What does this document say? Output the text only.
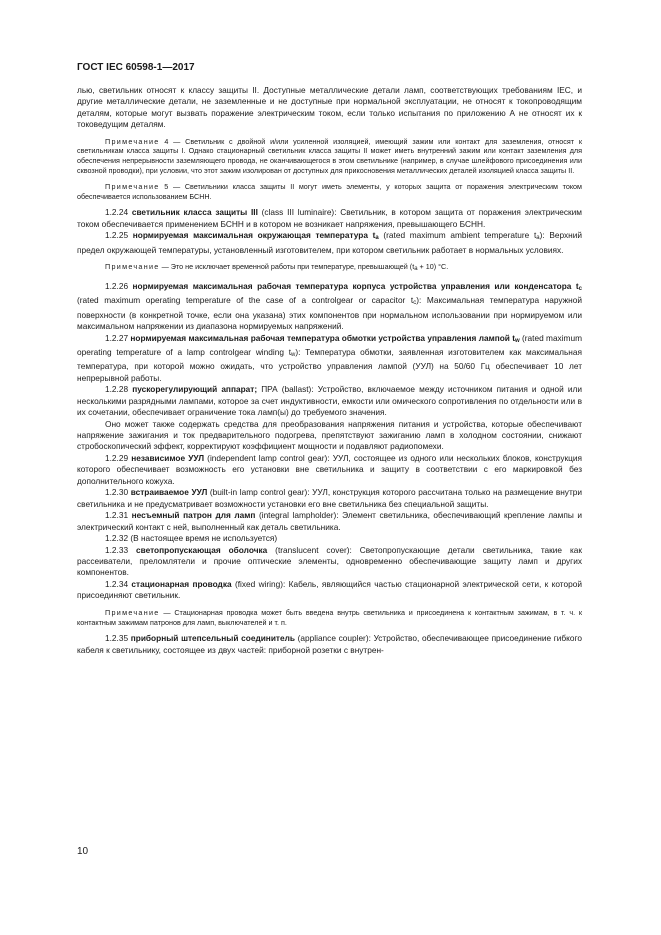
ГОСТ IEC 60598-1—2017

лью, светильник относят к классу защиты II. Доступные металлические детали ламп, соответствующих требованиям IEC, и другие металлические детали, не заземленные и не доступные при нормальной эксплуатации, не относят к токопроводящим деталям, которые могут вызвать поражение электрическим током, если только испытания по приложению А не относят их к токоведущим деталям.

Примечание 4 — Светильник с двойной и/или усиленной изоляцией, имеющий зажим или контакт для заземления, относят к светильникам класса защиты I. Однако стационарный светильник класса защиты II может иметь внутренний зажим или контакт заземления для обеспечения непрерывности заземляющего провода, не оканчивающегося в этом светильнике (например, в случае шлейфового присоединения или сквозной проводки), при условии, что этот зажим изолирован от доступных для прикосновения металлических деталей изоляцией класса защиты II.

Примечание 5 — Светильники класса защиты II могут иметь элементы, у которых защита от поражения электрическим током обеспечивается использованием БСНН.

1.2.24 светильник класса защиты III (class III luminaire): Светильник, в котором защита от поражения электрическим током обеспечивается применением БСНН и в котором не возникает напряжения, превышающего БСНН.

1.2.25 нормируемая максимальная окружающая температура $t_a$ (rated maximum ambient temperature $t_a$): Верхний предел окружающей температуры, установленный изготовителем, при котором светильник работает в нормальных условиях.

Примечание — Это не исключает временной работы при температуре, превышающей $(t_a + 10)$ °С.

1.2.26 нормируемая максимальная рабочая температура корпуса устройства управления или конденсатора $t_c$ (rated maximum operating temperature of the case of a controlgear or capacitor $t_c$): Максимальная температура наружной поверхности (в конкретной точке, если она указана) этих компонентов при нормальном использовании при нормируемом или максимальном напряжении из диапазона нормируемых напряжений.

1.2.27 нормируемая максимальная рабочая температура обмотки устройства управления лампой $t_w$ (rated maximum operating temperature of a lamp controlgear winding $t_w$): Температура обмотки, заявленная изготовителем как максимальная температура, при которой можно ожидать, что устройство управления лампой (УУЛ) на 50/60 Гц обеспечивает 10 лет непрерывной работы.

1.2.28 пускорегулирующий аппарат; ПРА (ballast): Устройство, включаемое между источником питания и одной или несколькими разрядными лампами, которое за счет индуктивности, емкости или омического сопротивления по отдельности или в их сочетании, обеспечивает ограничение тока ламп(ы) до требуемого значения.

Оно может также содержать средства для преобразования напряжения питания и устройства, которые обеспечивают напряжение зажигания и ток предварительного подогрева, препятствуют зажиганию ламп в холодном состоянии, снижают стробоскопический эффект, корректируют коэффициент мощности и подавляют радиопомехи.

1.2.29 независимое УУЛ (independent lamp control gear): УУЛ, состоящее из одного или нескольких блоков, конструкция которого обеспечивает возможность его установки вне светильника и защиту в соответствии с его маркировкой без дополнительного кожуха.

1.2.30 встраиваемое УУЛ (built-in lamp control gear): УУЛ, конструкция которого рассчитана только на размещение внутри светильника и не предусматривает возможности установки его вне светильника без специальной защиты.

1.2.31 несъемный патрон для ламп (integral lampholder): Элемент светильника, обеспечивающий крепление лампы и электрический контакт с ней, выполненный как деталь светильника.

1.2.32 (В настоящее время не используется)

1.2.33 светопропускающая оболочка (translucent cover): Светопропускающие детали светильника, такие как рассеиватели, преломлятели и прочие оптические элементы, одновременно обеспечивающие защиту ламп и других компонентов.

1.2.34 стационарная проводка (fixed wiring): Кабель, являющийся частью стационарной электрической сети, к которой присоединяют светильник.

Примечание — Стационарная проводка может быть введена внутрь светильника и присоединена к контактным зажимам, в т. ч. к контактным зажимам патронов для ламп, выключателей и т. п.

1.2.35 приборный штепсельный соединитель (appliance coupler): Устройство, обеспечивающее присоединение гибкого кабеля к светильнику, состоящее из двух частей: приборной розетки с внутрен-

10
